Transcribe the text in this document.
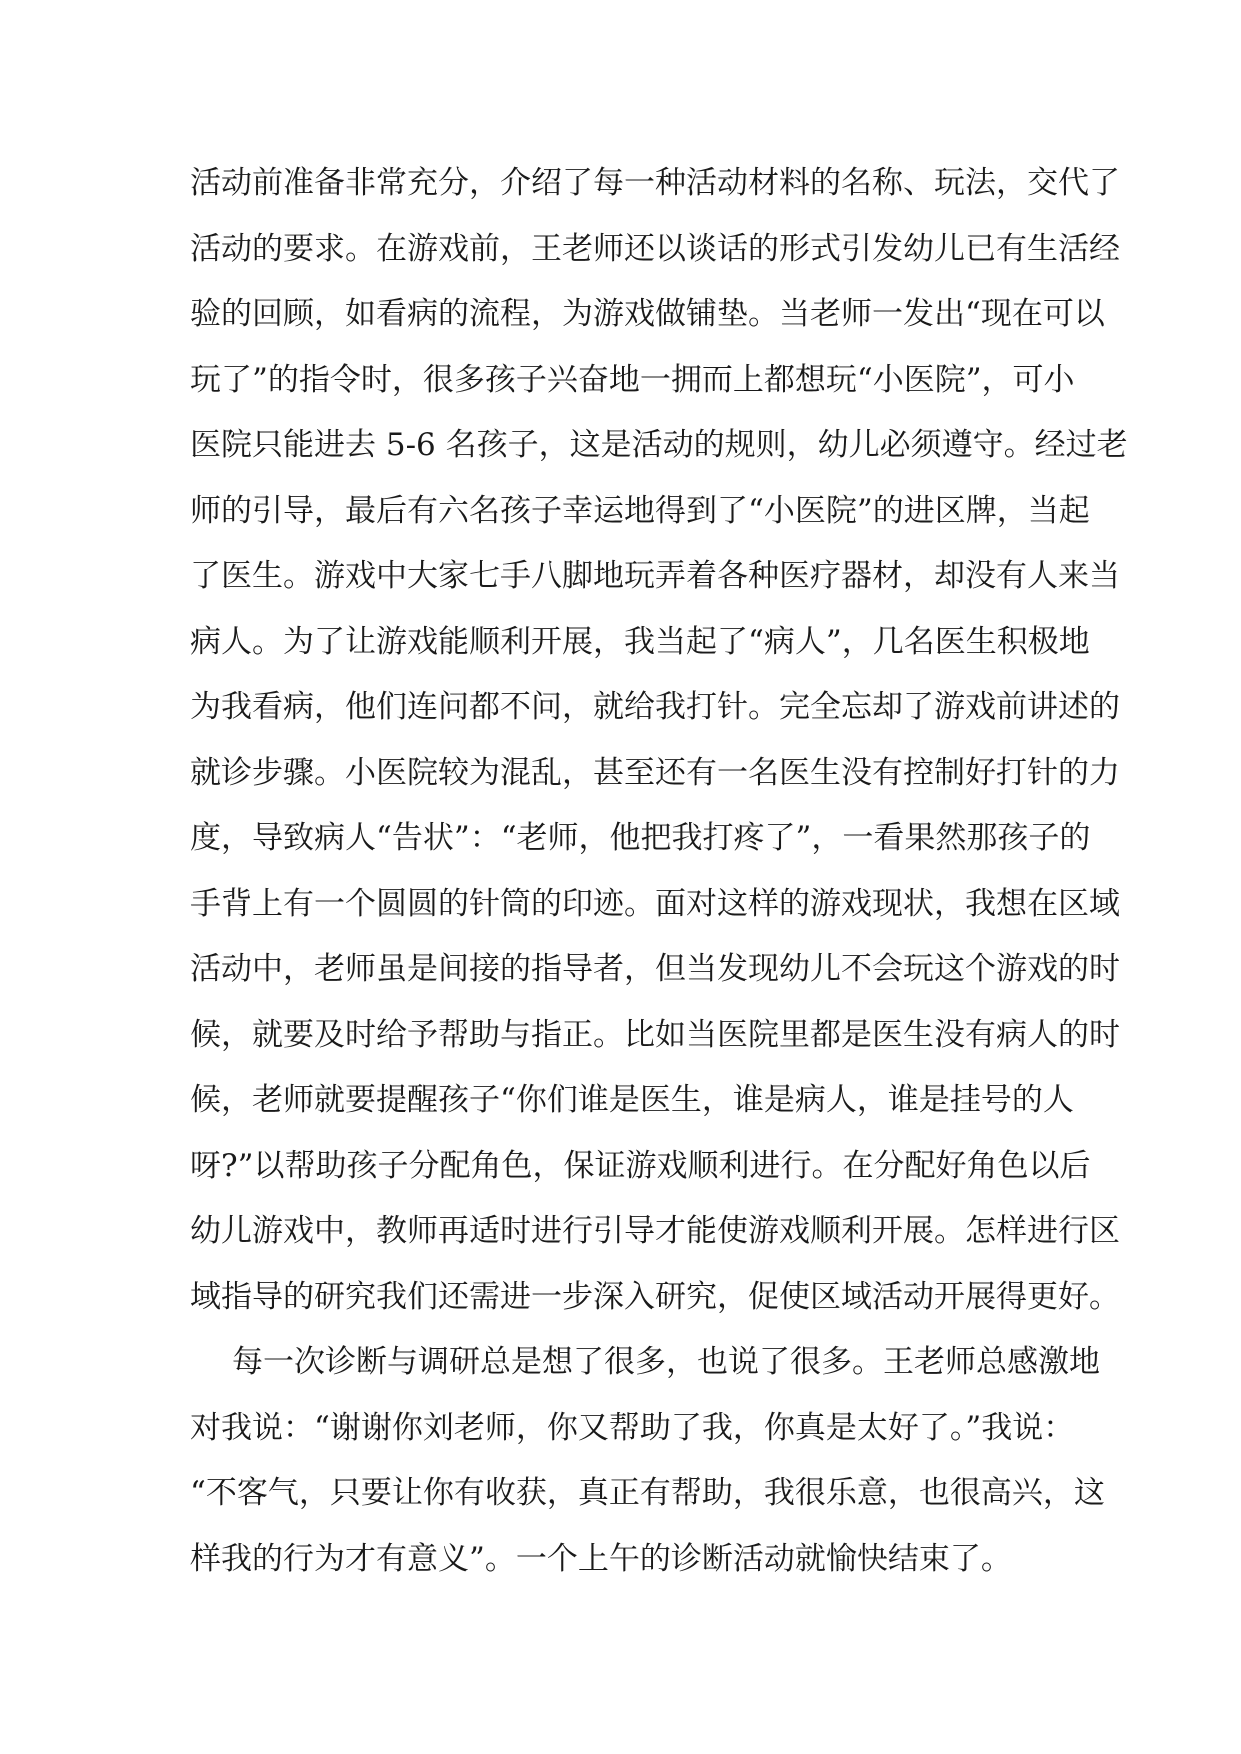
活动前准备非常充分，介绍了每一种活动材料的名称、玩法，交代了
活动的要求。在游戏前，王老师还以谈话的形式引发幼儿已有生活经
验的回顾，如看病的流程，为游戏做铺垫。当老师一发出“现在可以
玩了”的指令时，很多孩子兴奋地一拥而上都想玩“小医院”，可小
医院只能进去 5-6 名孩子，这是活动的规则，幼儿必须遵守。经过老
师的引导，最后有六名孩子幸运地得到了“小医院”的进区牌，当起
了医生。游戏中大家七手八脚地玩弄着各种医疗器材，却没有人来当
病人。为了让游戏能顺利开展，我当起了“病人”，几名医生积极地
为我看病，他们连问都不问，就给我打针。完全忘却了游戏前讲述的
就诊步骤。小医院较为混乱，甚至还有一名医生没有控制好打针的力
度，导致病人“告状”：“老师，他把我打疼了”，一看果然那孩子的
手背上有一个圆圆的针筒的印迹。面对这样的游戏现状，我想在区域
活动中，老师虽是间接的指导者，但当发现幼儿不会玩这个游戏的时
候，就要及时给予帮助与指正。比如当医院里都是医生没有病人的时
候，老师就要提醒孩子“你们谁是医生，谁是病人，谁是挂号的人
呀?”以帮助孩子分配角色，保证游戏顺利进行。在分配好角色以后
幼儿游戏中，教师再适时进行引导才能使游戏顺利开展。怎样进行区
域指导的研究我们还需进一步深入研究，促使区域活动开展得更好。
每一次诊断与调研总是想了很多，也说了很多。王老师总感激地
对我说：“谢谢你刘老师，你又帮助了我，你真是太好了。”我说：
“不客气，只要让你有收获，真正有帮助，我很乐意，也很高兴，这
样我的行为才有意义”。一个上午的诊断活动就愉快结束了。
